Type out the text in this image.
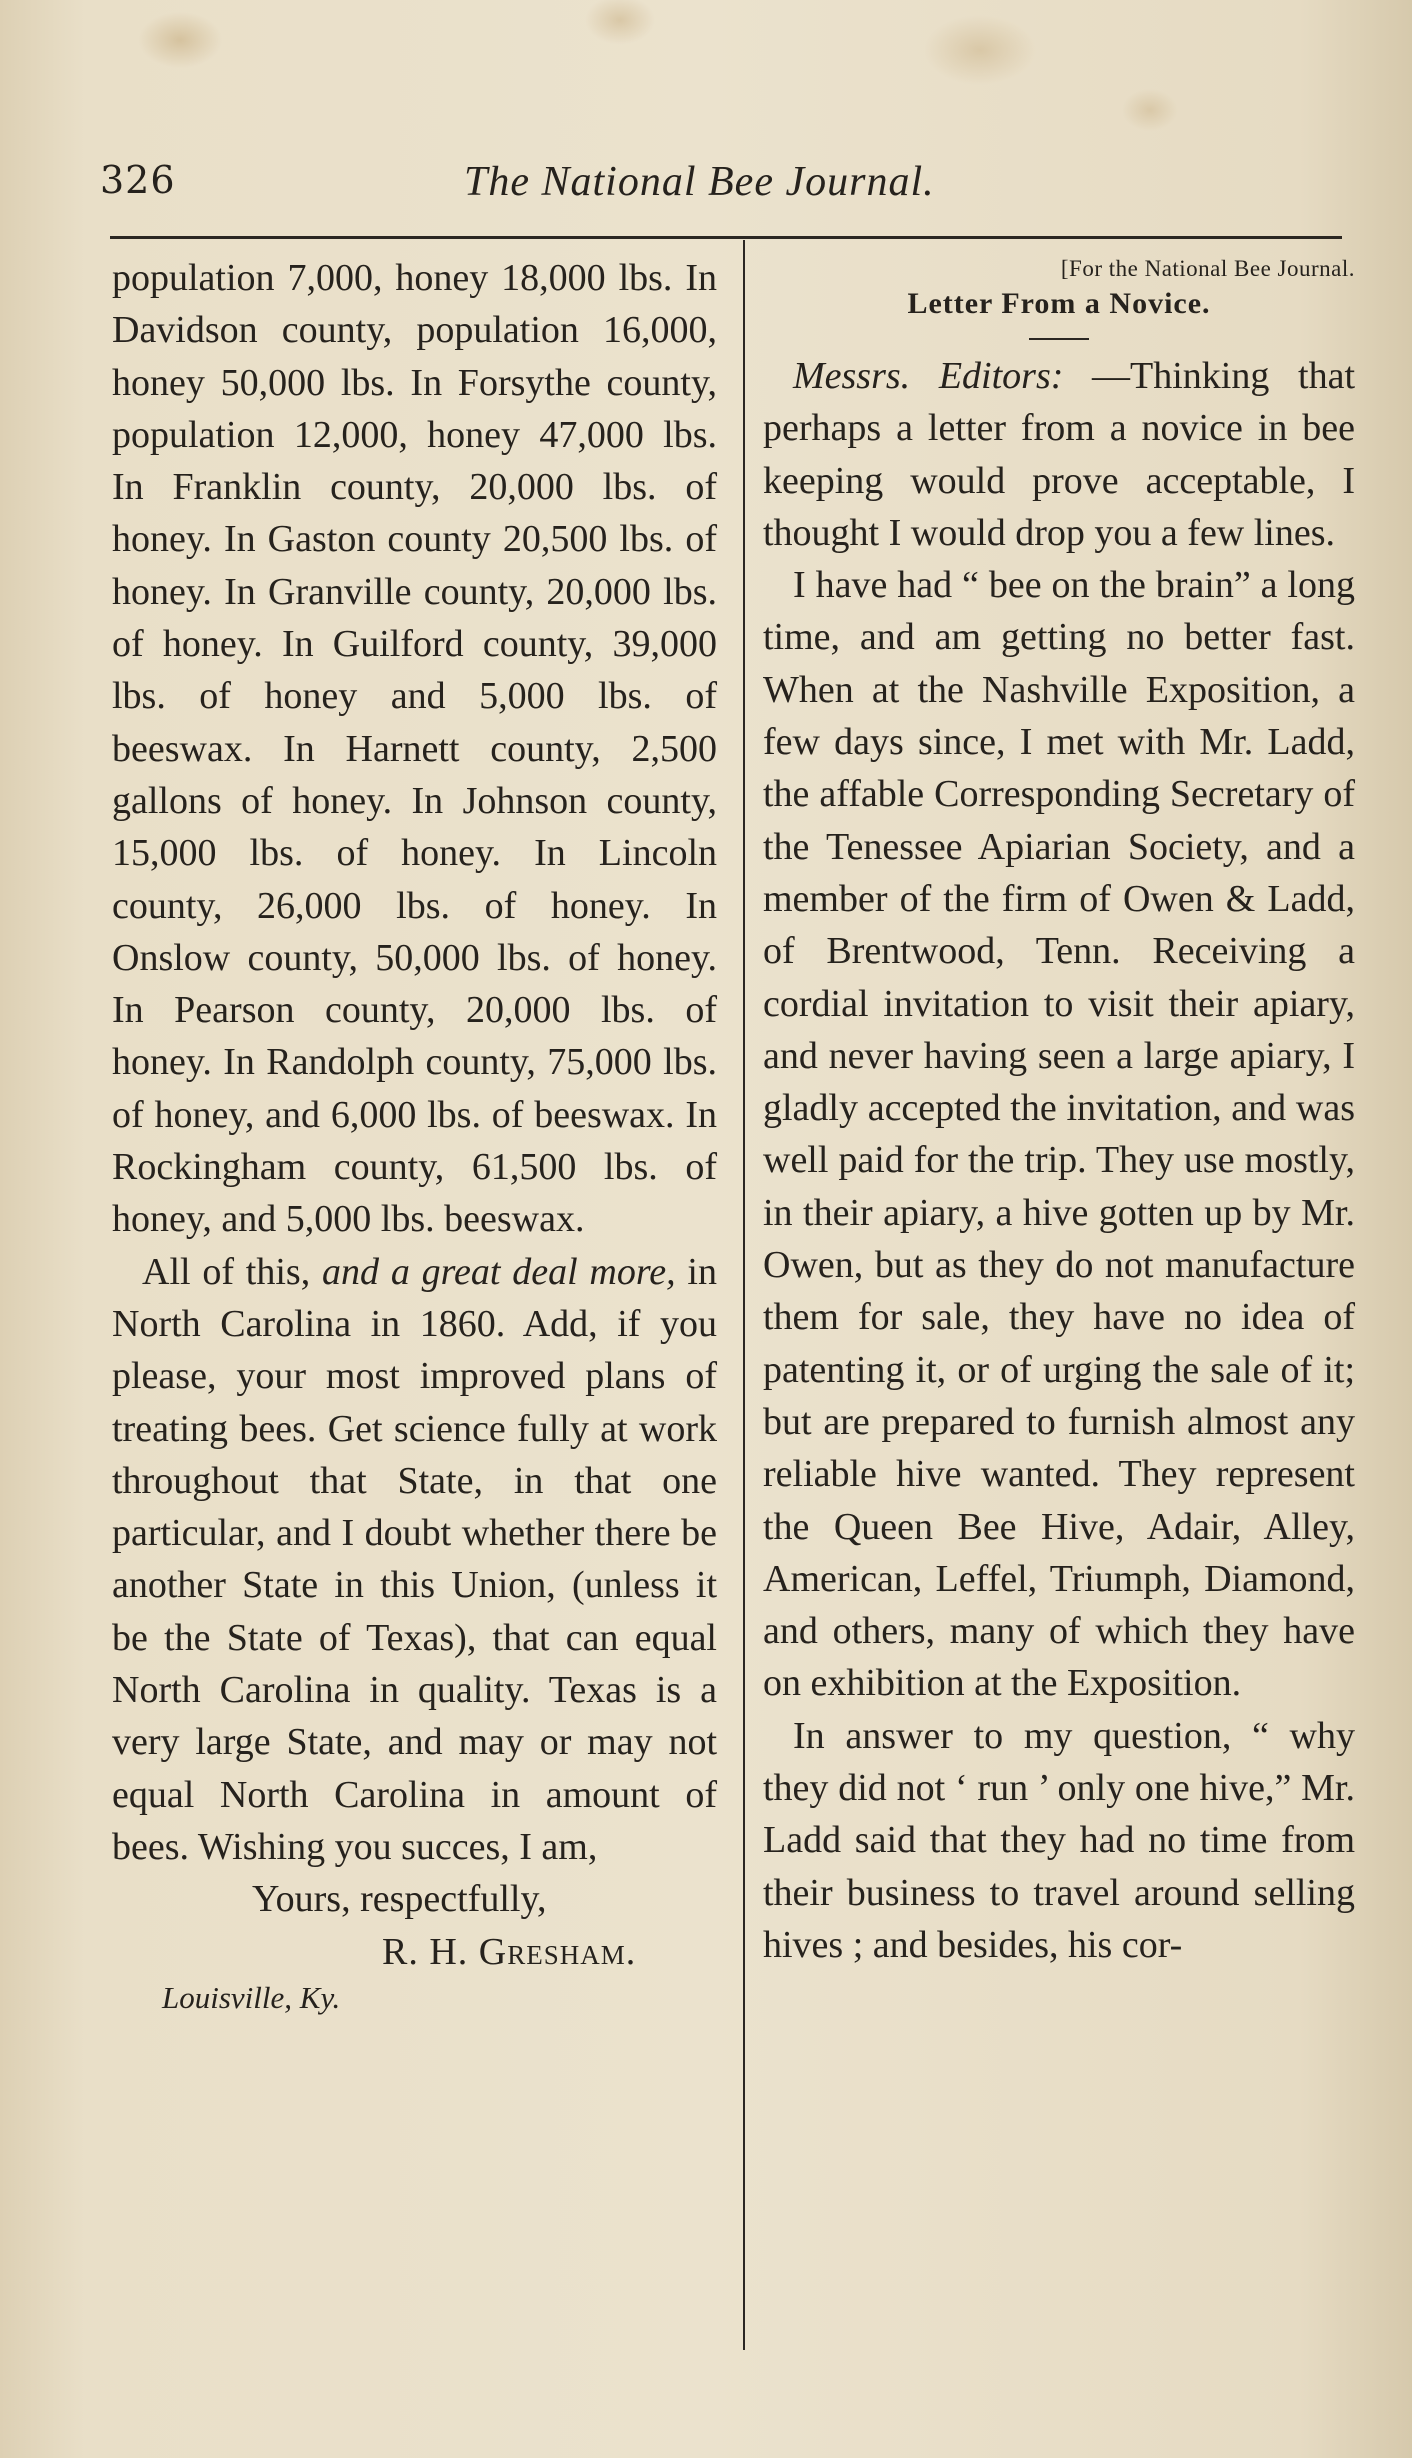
326	The National Bee Journal.

population 7,000, honey 18,000 lbs. In Davidson county, population 16,000, honey 50,000 lbs. In Forsythe county, population 12,000, honey 47,000 lbs. In Franklin county, 20,000 lbs. of honey. In Gaston county 20,500 lbs. of honey. In Granville county, 20,000 lbs. of honey. In Guilford county, 39,000 lbs. of honey and 5,000 lbs. of beeswax. In Harnett county, 2,500 gallons of honey. In Johnson county, 15,000 lbs. of honey. In Lincoln county, 26,000 lbs. of honey. In Onslow county, 50,000 lbs. of honey. In Pearson county, 20,000 lbs. of honey. In Randolph county, 75,000 lbs. of honey, and 6,000 lbs. of beeswax. In Rockingham county, 61,500 lbs. of honey, and 5,000 lbs. beeswax.

All of this, and a great deal more, in North Carolina in 1860. Add, if you please, your most improved plans of treating bees. Get science fully at work throughout that State, in that one particular, and I doubt whether there be another State in this Union, (unless it be the State of Texas), that can equal North Carolina in quality. Texas is a very large State, and may or may not equal North Carolina in amount of bees. Wishing you succes, I am,

Yours, respectfully,

R. H. Gresham.

Louisville, Ky.

[For the National Bee Journal.

Letter From a Novice.

Messrs. Editors: —Thinking that perhaps a letter from a novice in bee keeping would prove acceptable, I thought I would drop you a few lines.

I have had “ bee on the brain” a long time, and am getting no better fast. When at the Nashville Exposition, a few days since, I met with Mr. Ladd, the affable Corresponding Secretary of the Tenessee Apiarian Society, and a member of the firm of Owen & Ladd, of Brentwood, Tenn. Receiving a cordial invitation to visit their apiary, and never having seen a large apiary, I gladly accepted the invitation, and was well paid for the trip. They use mostly, in their apiary, a hive gotten up by Mr. Owen, but as they do not manufacture them for sale, they have no idea of patenting it, or of urging the sale of it; but are prepared to furnish almost any reliable hive wanted. They represent the Queen Bee Hive, Adair, Alley, American, Leffel, Triumph, Diamond, and others, many of which they have on exhibition at the Exposition.

In answer to my question, “ why they did not ‘ run ’ only one hive,” Mr. Ladd said that they had no time from their business to travel around selling hives ; and besides, his cor-
